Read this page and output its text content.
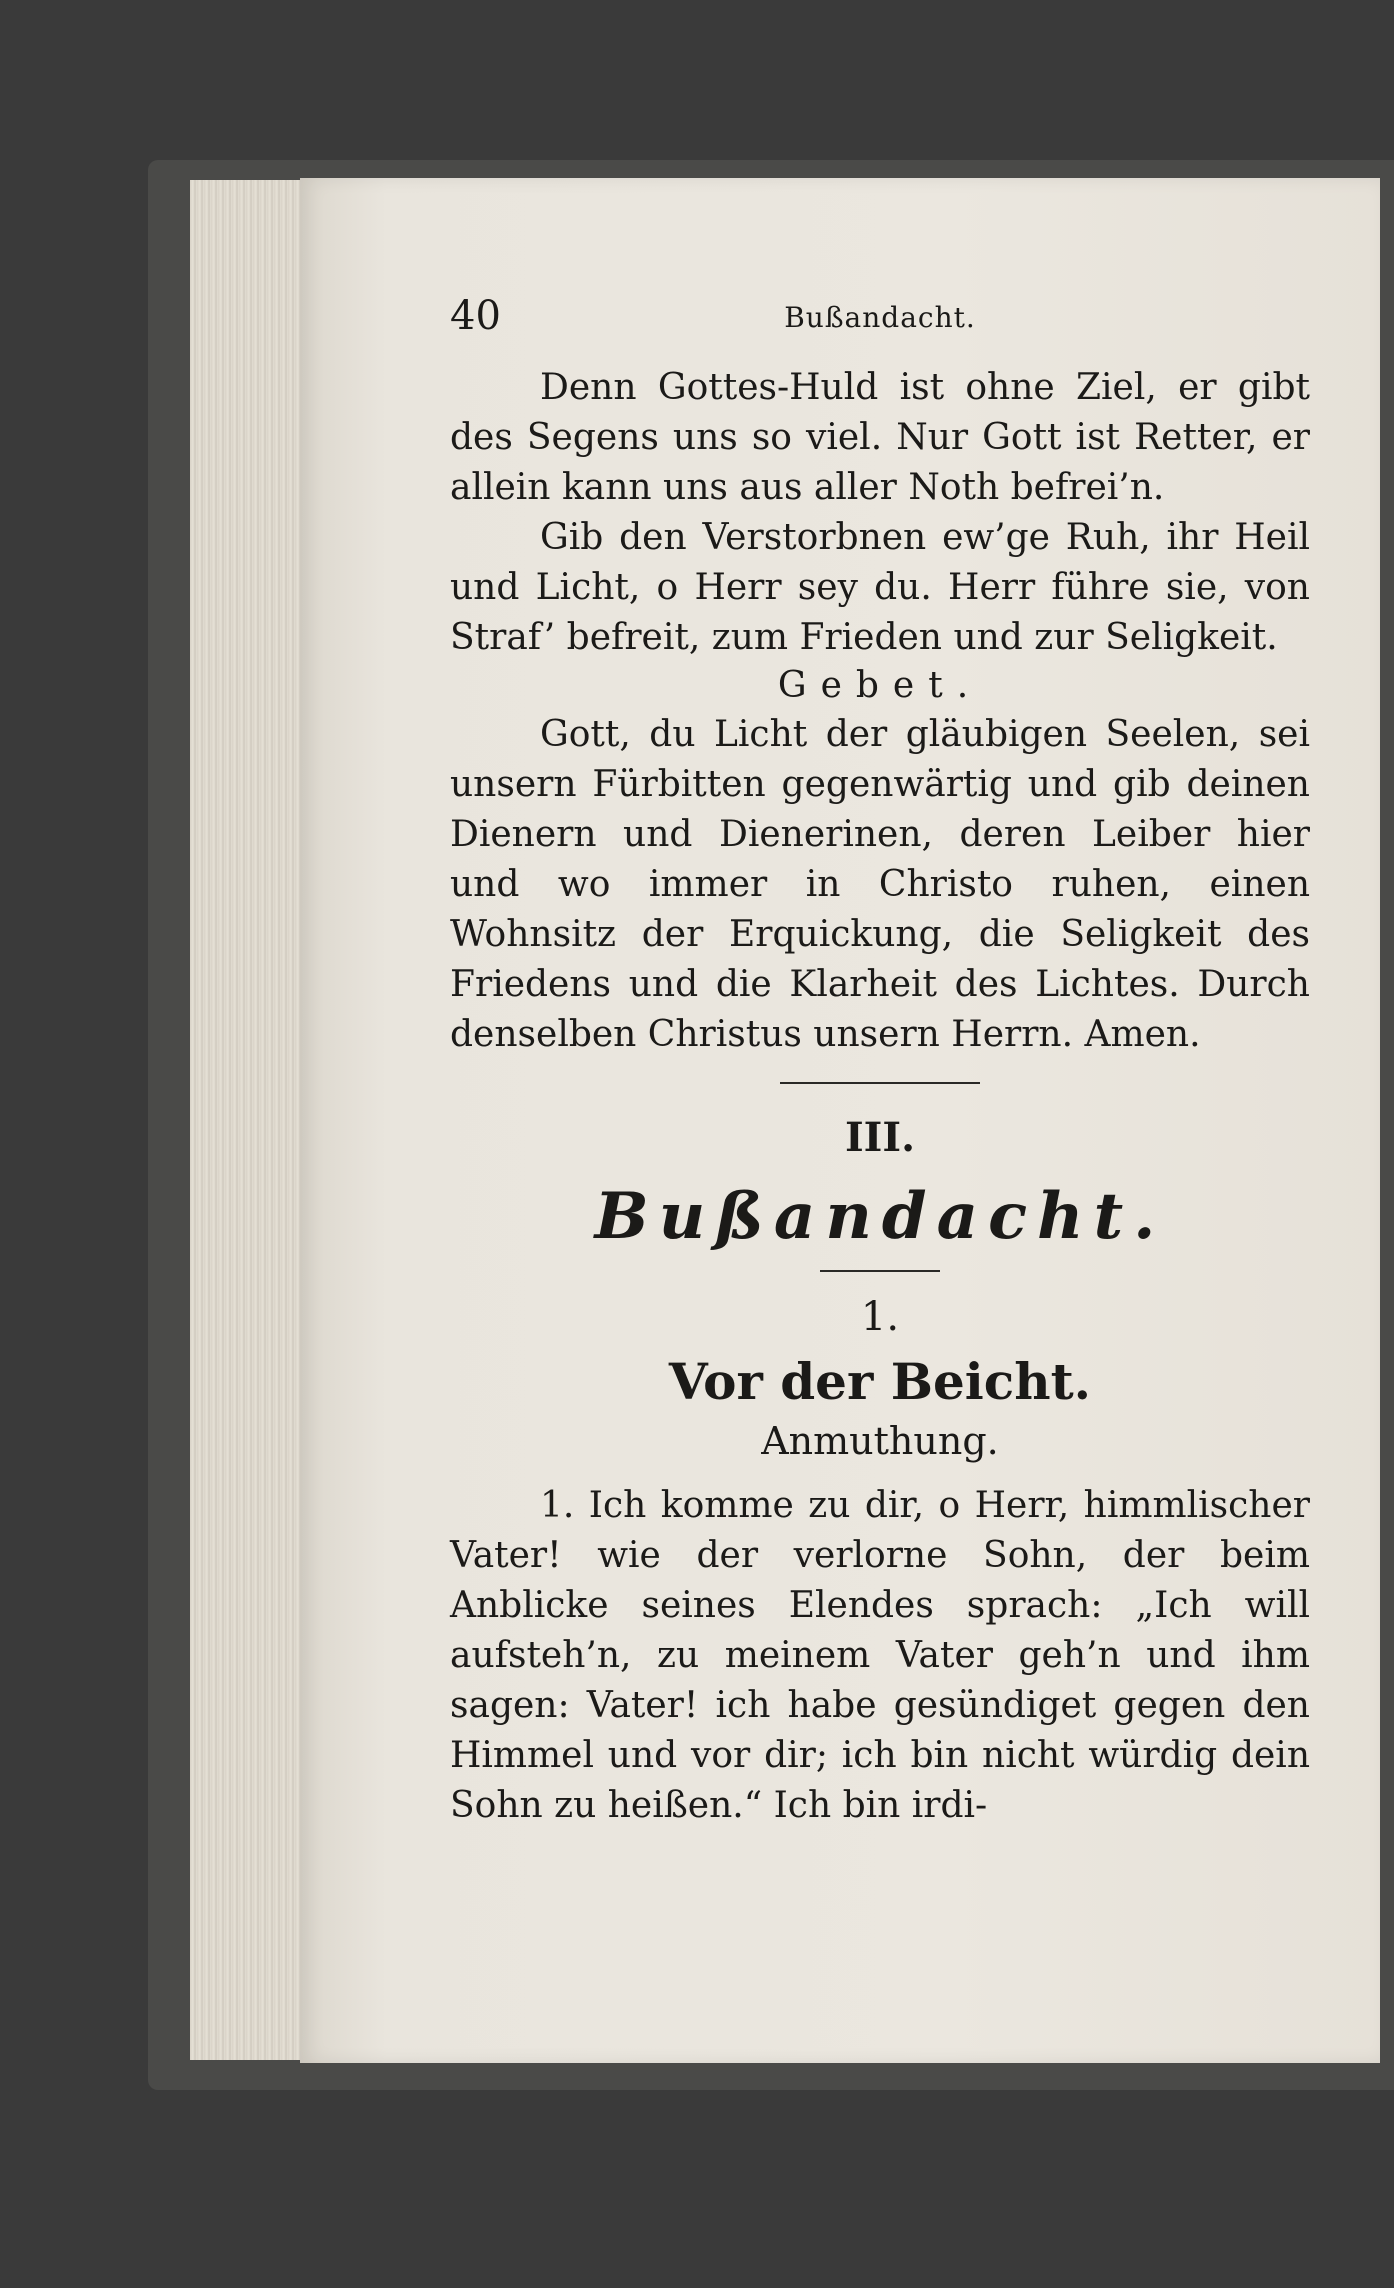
40	Bußandacht.

Denn Gottes-Huld ist ohne Ziel, er gibt des Segens uns so viel. Nur Gott ist Retter, er allein kann uns aus aller Noth befrei’n.

Gib den Verstorbnen ew’ge Ruh, ihr Heil und Licht, o Herr sey du. Herr führe sie, von Straf’ befreit, zum Frieden und zur Seligkeit.

Gebet.

Gott, du Licht der gläubigen Seelen, sei unsern Fürbitten gegenwärtig und gib deinen Dienern und Dienerinen, deren Leiber hier und wo immer in Christo ruhen, einen Wohnsitz der Erquickung, die Seligkeit des Friedens und die Klarheit des Lichtes. Durch denselben Christus unsern Herrn. Amen.

III.
Bußandacht.
1.
Vor der Beicht.
Anmuthung.

1. Ich komme zu dir, o Herr, himmlischer Vater! wie der verlorne Sohn, der beim Anblicke seines Elendes sprach: „Ich will aufsteh’n, zu meinem Vater geh’n und ihm sagen: Vater! ich habe gesündiget gegen den Himmel und vor dir; ich bin nicht würdig dein Sohn zu heißen.“ Ich bin irdi-
